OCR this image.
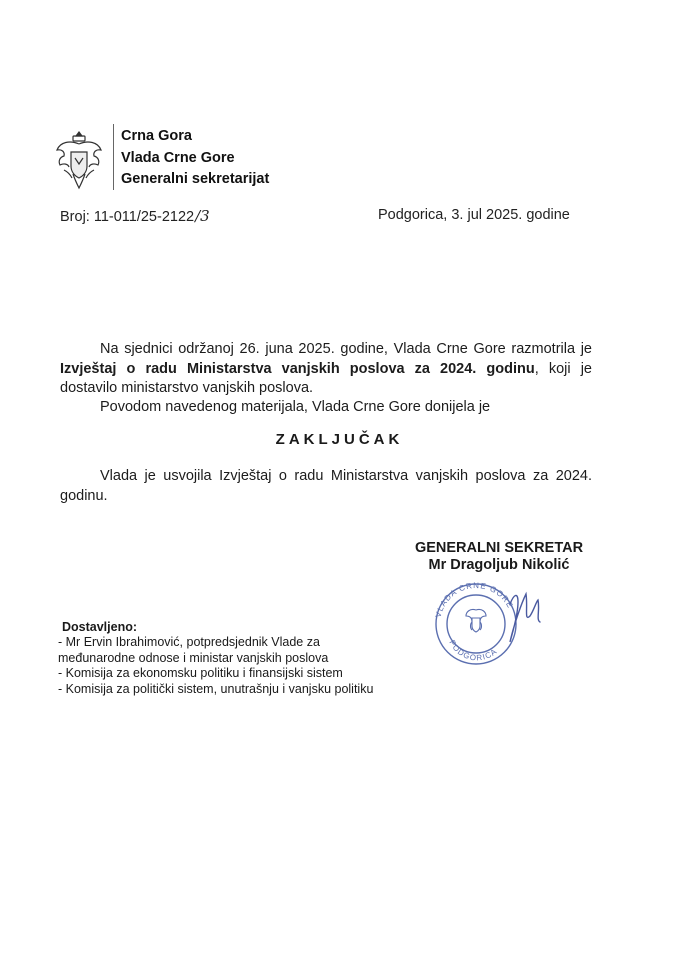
Crna Gora
Vlada Crne Gore
Generalni sekretarijat
Broj: 11-011/25-2122/3	Podgorica, 3. jul 2025. godine
Na sjednici održanoj 26. juna 2025. godine, Vlada Crne Gore razmotrila je Izvještaj o radu Ministarstva vanjskih poslova za 2024. godinu, koji je dostavilo ministarstvo vanjskih poslova.
Povodom navedenog materijala, Vlada Crne Gore donijela je
ZAKLJUČAK
Vlada je usvojila Izvještaj o radu Ministarstva vanjskih poslova za 2024. godinu.
GENERALNI SEKRETAR
Mr Dragoljub Nikolić
VLADA CRNE GORE
PODGORICA
Dostavljeno:
- Mr Ervin Ibrahimović, potpredsjednik Vlade za
međunarodne odnose i ministar vanjskih poslova
- Komisija za ekonomsku politiku i finansijski sistem
- Komisija za politički sistem, unutrašnju i vanjsku politiku
